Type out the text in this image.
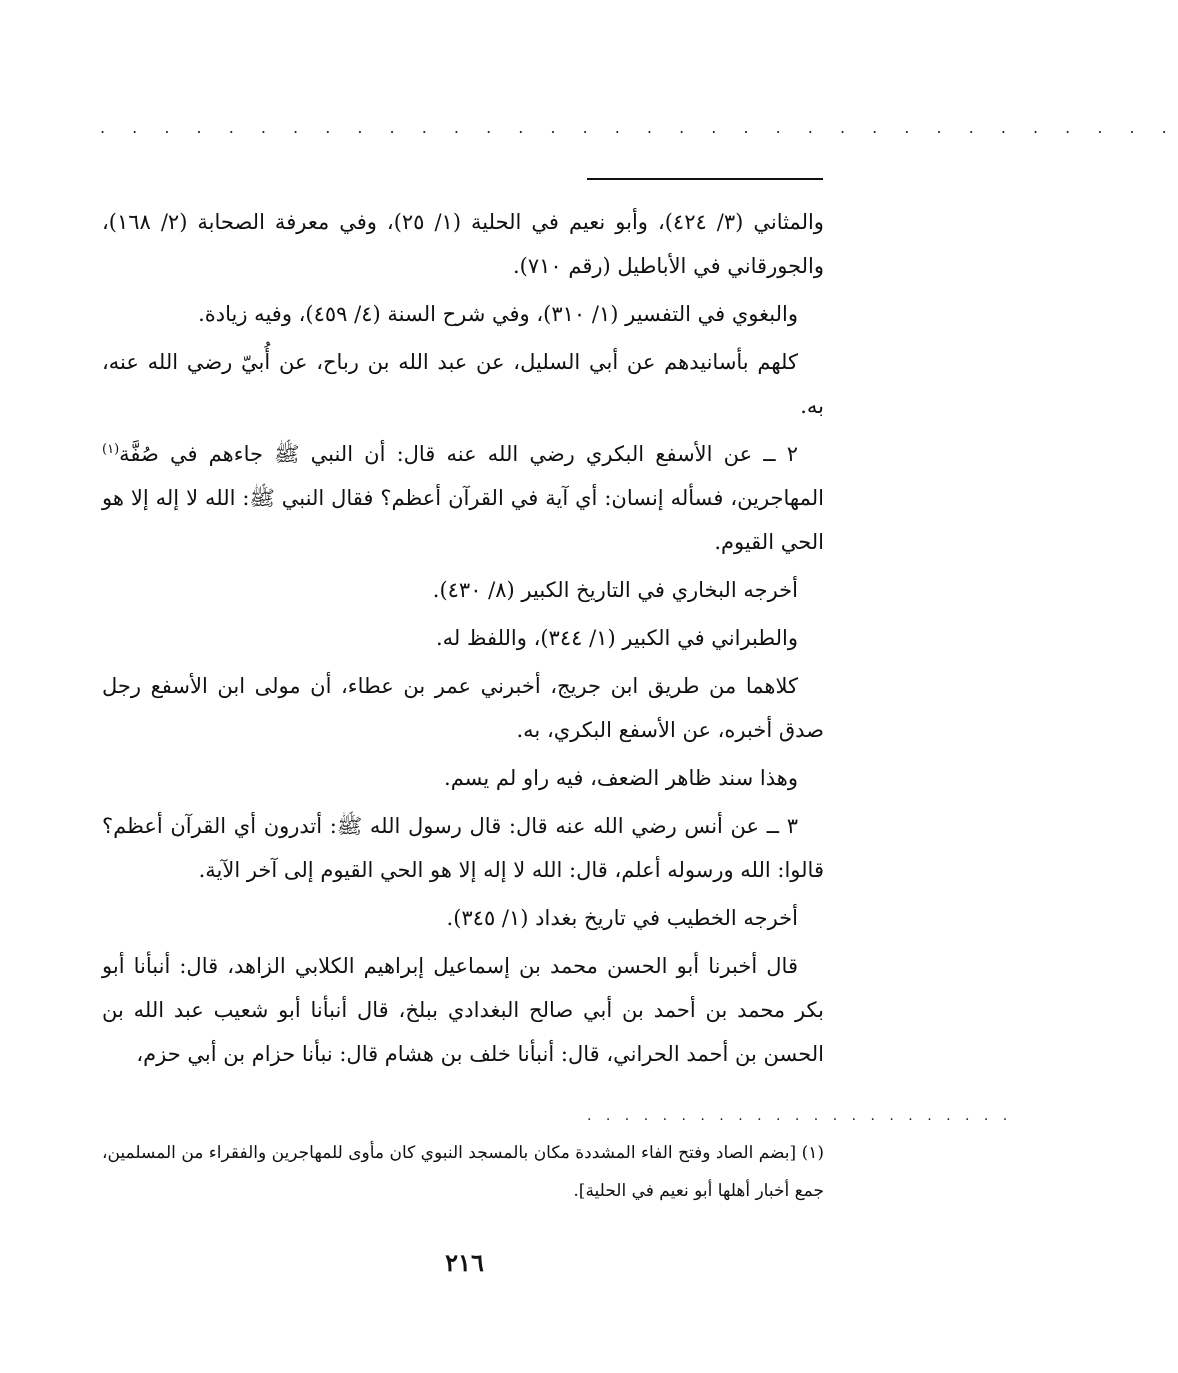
. . . . . . . . . . . . . . . . . . . . . . . . . . . . . . . . . .

والمثاني (٣/ ٤٢٤)، وأبو نعيم في الحلية (١/ ٢٥)، وفي معرفة الصحابة (٢/ ١٦٨)، والجورقاني في الأباطيل (رقم ٧١٠).

والبغوي في التفسير (١/ ٣١٠)، وفي شرح السنة (٤/ ٤٥٩)، وفيه زيادة.

كلهم بأسانيدهم عن أبي السليل، عن عبد الله بن رباح، عن أُبيّ رضي الله عنه، به.

٢ ــ عن الأسفع البكري رضي الله عنه قال: أن النبي ﷺ جاءهم في صُفَّة$^{(١)}$ المهاجرين، فسأله إنسان: أي آية في القرآن أعظم؟ فقال النبي ﷺ: الله لا إله إلا هو الحي القيوم.

أخرجه البخاري في التاريخ الكبير (٨/ ٤٣٠).

والطبراني في الكبير (١/ ٣٤٤)، واللفظ له.

كلاهما من طريق ابن جريج، أخبرني عمر بن عطاء، أن مولى ابن الأسفع رجل صدق أخبره، عن الأسفع البكري، به.

وهذا سند ظاهر الضعف، فيه راو لم يسم.

٣ ــ عن أنس رضي الله عنه قال: قال رسول الله ﷺ: أتدرون أي القرآن أعظم؟ قالوا: الله ورسوله أعلم، قال: الله لا إله إلا هو الحي القيوم إلى آخر الآية.

أخرجه الخطيب في تاريخ بغداد (١/ ٣٤٥).

قال أخبرنا أبو الحسن محمد بن إسماعيل إبراهيم الكلابي الزاهد، قال: أنبأنا أبو بكر محمد بن أحمد بن أبي صالح البغدادي ببلخ، قال أنبأنا أبو شعيب عبد الله بن الحسن بن أحمد الحراني، قال: أنبأنا خلف بن هشام قال: نبأنا حزام بن أبي حزم،

. . . . . . . . . . . . . . . . . . . . . . .
(١) [بضم الصاد وفتح الفاء المشددة مكان بالمسجد النبوي كان مأوى للمهاجرين والفقراء من المسلمين، جمع أخبار أهلها أبو نعيم في الحلية].
٢١٦
